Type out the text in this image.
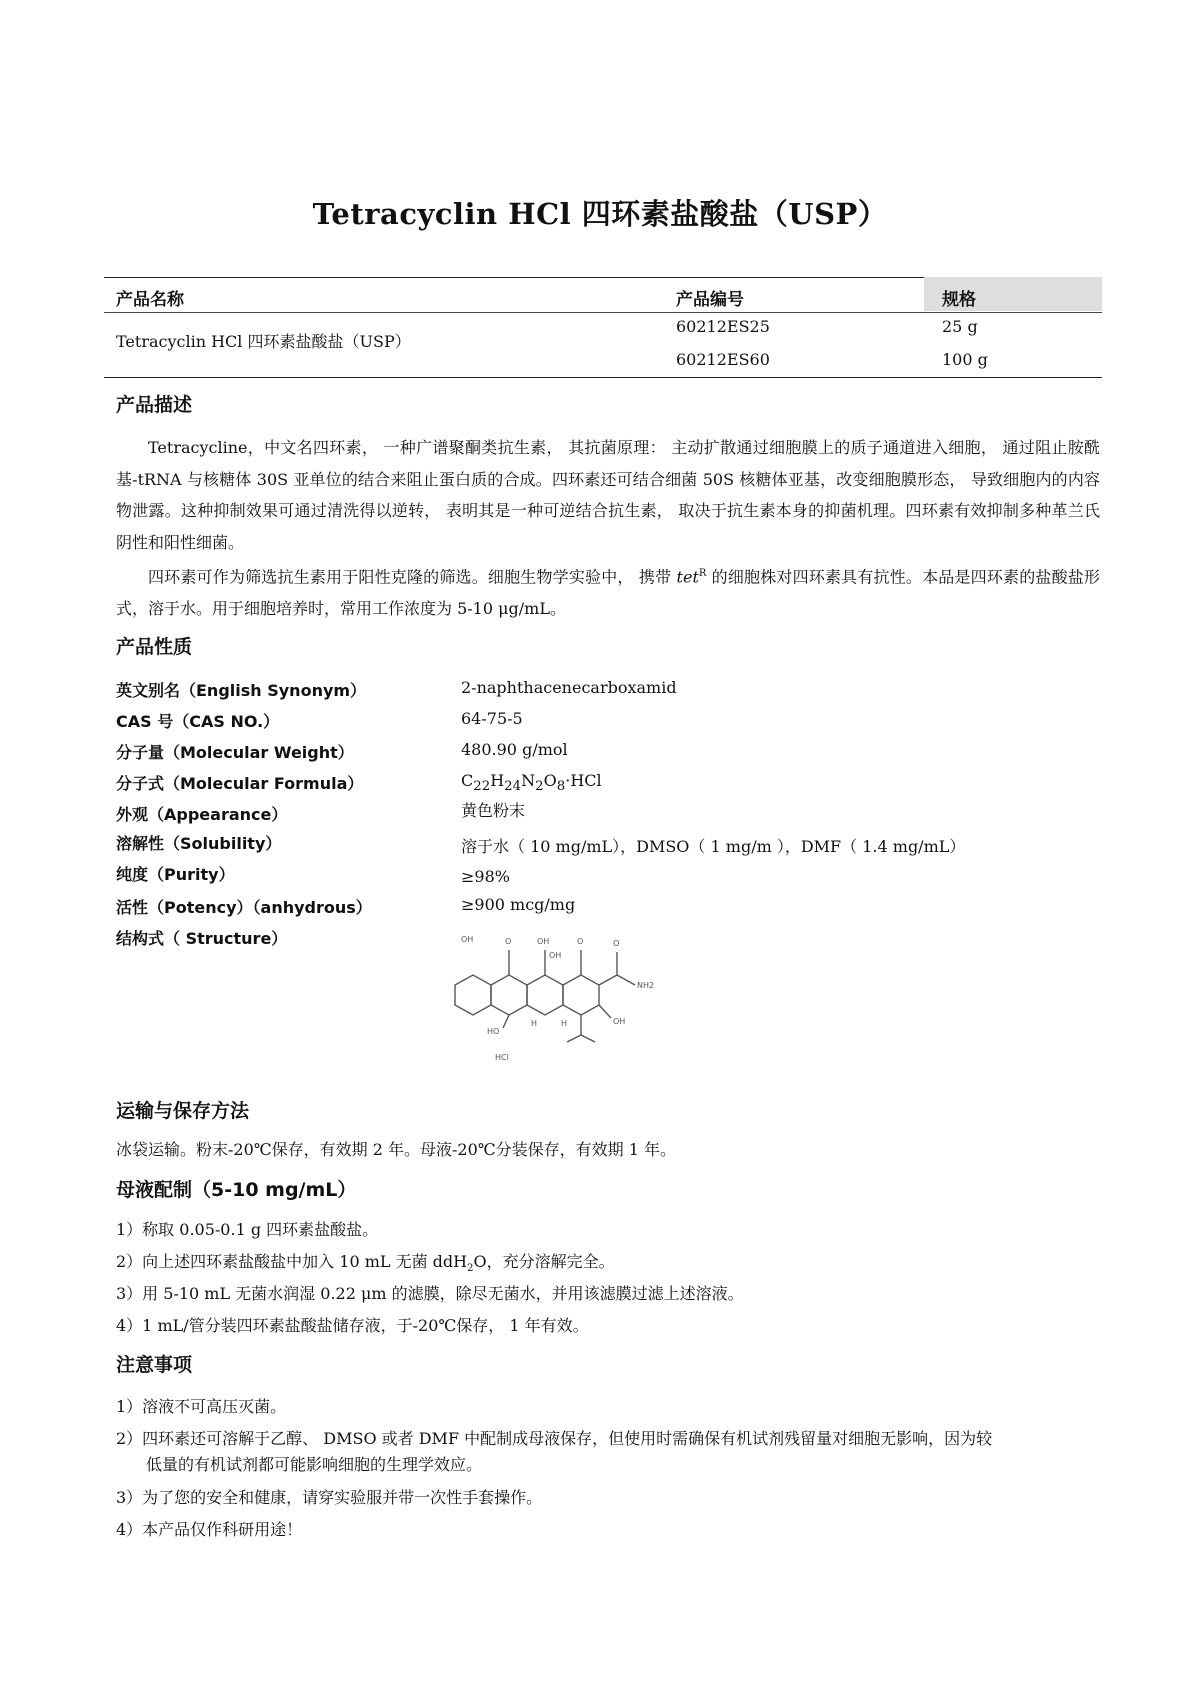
Tetracyclin HCl 四环素盐酸盐（USP）
产品名称	产品编号	规格
Tetracyclin HCl 四环素盐酸盐（USP）
60212ES25	25 g
60212ES60	100 g
产品描述

Tetracycline，中文名四环素， 一种广谱聚酮类抗生素， 其抗菌原理： 主动扩散通过细胞膜上的质子通道进入细胞， 通过阻止胺酰基-tRNA 与核糖体 30S 亚单位的结合来阻止蛋白质的合成。四环素还可结合细菌 50S 核糖体亚基，改变细胞膜形态， 导致细胞内的内容物泄露。这种抑制效果可通过清洗得以逆转， 表明其是一种可逆结合抗生素， 取决于抗生素本身的抑菌机理。四环素有效抑制多种革兰氏阴性和阳性细菌。

四环素可作为筛选抗生素用于阳性克隆的筛选。细胞生物学实验中， 携带 tet$^R$ 的细胞株对四环素具有抗性。本品是四环素的盐酸盐形式，溶于水。用于细胞培养时，常用工作浓度为 5-10 μg/mL。

产品性质
英文别名（English Synonym）	2-naphthacenecarboxamid
CAS 号（CAS NO.）	64-75-5
分子量（Molecular Weight）	480.90 g/mol
分子式（Molecular Formula）	$C_{22}H_{24}N_2O_8\cdot HCl$
外观（Appearance）	黄色粉末
溶解性（Solubility）	溶于水（ 10 mg/mL），DMSO（ 1 mg/m ），DMF（ 1.4 mg/mL）
纯度（Purity）	≥98%
活性（Potency）（anhydrous）	≥900 mcg/mg
结构式（ Structure）	OH	O	OH
OH
O	O
NH2
OH
HO
H	H
HCl
运输与保存方法
冰袋运输。粉末-20℃保存，有效期 2 年。母液-20℃分装保存，有效期 1 年。
母液配制（5-10 mg/mL）
1）称取 0.05-0.1 g 四环素盐酸盐。
2）向上述四环素盐酸盐中加入 10 mL 无菌 ddH$_2$O，充分溶解完全。
3）用 5-10 mL 无菌水润湿 0.22 μm 的滤膜，除尽无菌水，并用该滤膜过滤上述溶液。
4）1 mL/管分装四环素盐酸盐储存液，于-20℃保存， 1 年有效。
注意事项
1）溶液不可高压灭菌。
2）四环素还可溶解于乙醇、 DMSO 或者 DMF 中配制成母液保存，但使用时需确保有机试剂残留量对细胞无影响，因为较
低量的有机试剂都可能影响细胞的生理学效应。
3）为了您的安全和健康，请穿实验服并带一次性手套操作。
4）本产品仅作科研用途！
